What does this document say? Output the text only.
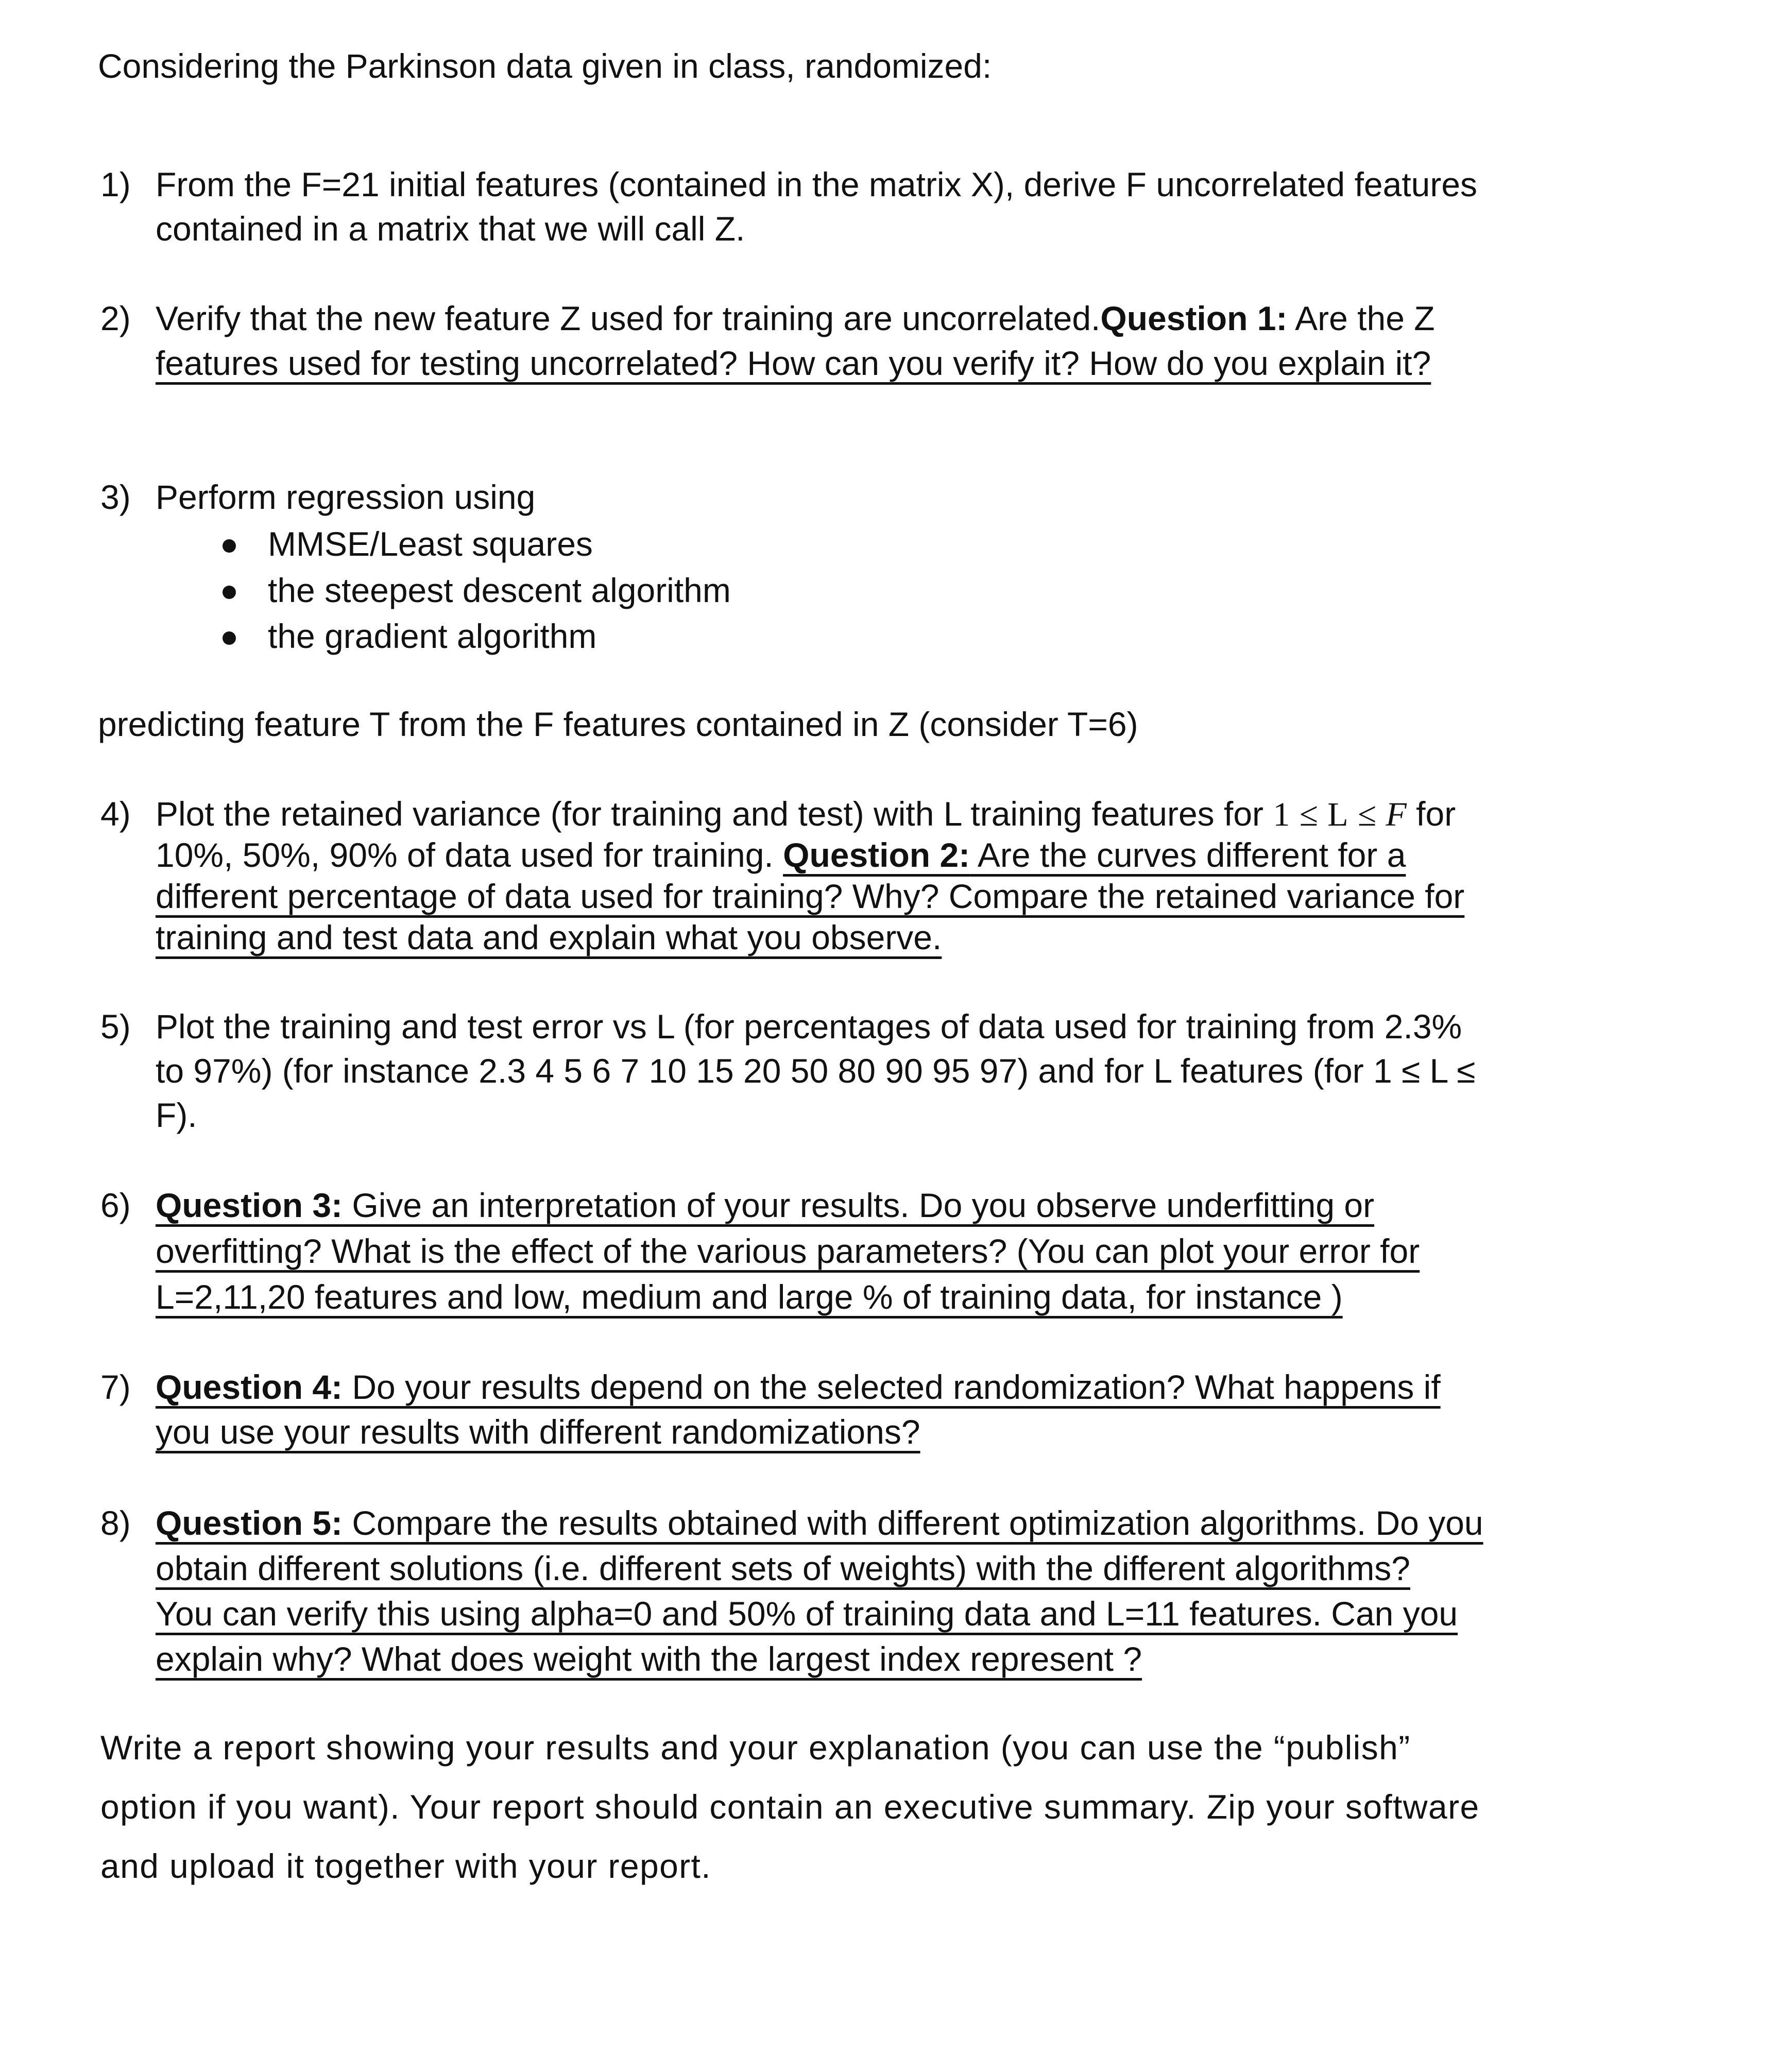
Considering the Parkinson data given in class, randomized:
1) From the F=21 initial features (contained in the matrix X), derive F uncorrelated features
contained in a matrix that we will call Z.
2) Verify that the new feature Z used for training are uncorrelated.Question 1: Are the Z
features used for testing uncorrelated? How can you verify it? How do you explain it?
3) Perform regression using
MMSE/Least squares
the steepest descent algorithm
the gradient algorithm
predicting feature T from the F features contained in Z (consider T=6)
4) Plot the retained variance (for training and test) with L training features for 1 ≤ L ≤ F for
10%, 50%, 90% of data used for training. Question 2: Are the curves different for a
different percentage of data used for training? Why? Compare the retained variance for
training and test data and explain what you observe.
5) Plot the training and test error vs L (for percentages of data used for training from 2.3%
to 97%) (for instance 2.3 4 5 6 7 10 15 20 50 80 90 95 97) and for L features (for 1 ≤ L ≤
F).
6) Question 3: Give an interpretation of your results. Do you observe underfitting or
overfitting? What is the effect of the various parameters? (You can plot your error for
L=2,11,20 features and low, medium and large % of training data, for instance )
7) Question 4: Do your results depend on the selected randomization? What happens if
you use your results with different randomizations?
8) Question 5: Compare the results obtained with different optimization algorithms. Do you
obtain different solutions (i.e. different sets of weights) with the different algorithms?
You can verify this using alpha=0 and 50% of training data and L=11 features. Can you
explain why? What does weight with the largest index represent ?
Write a report showing your results and your explanation (you can use the “publish”
option if you want). Your report should contain an executive summary. Zip your software
and upload it together with your report.
